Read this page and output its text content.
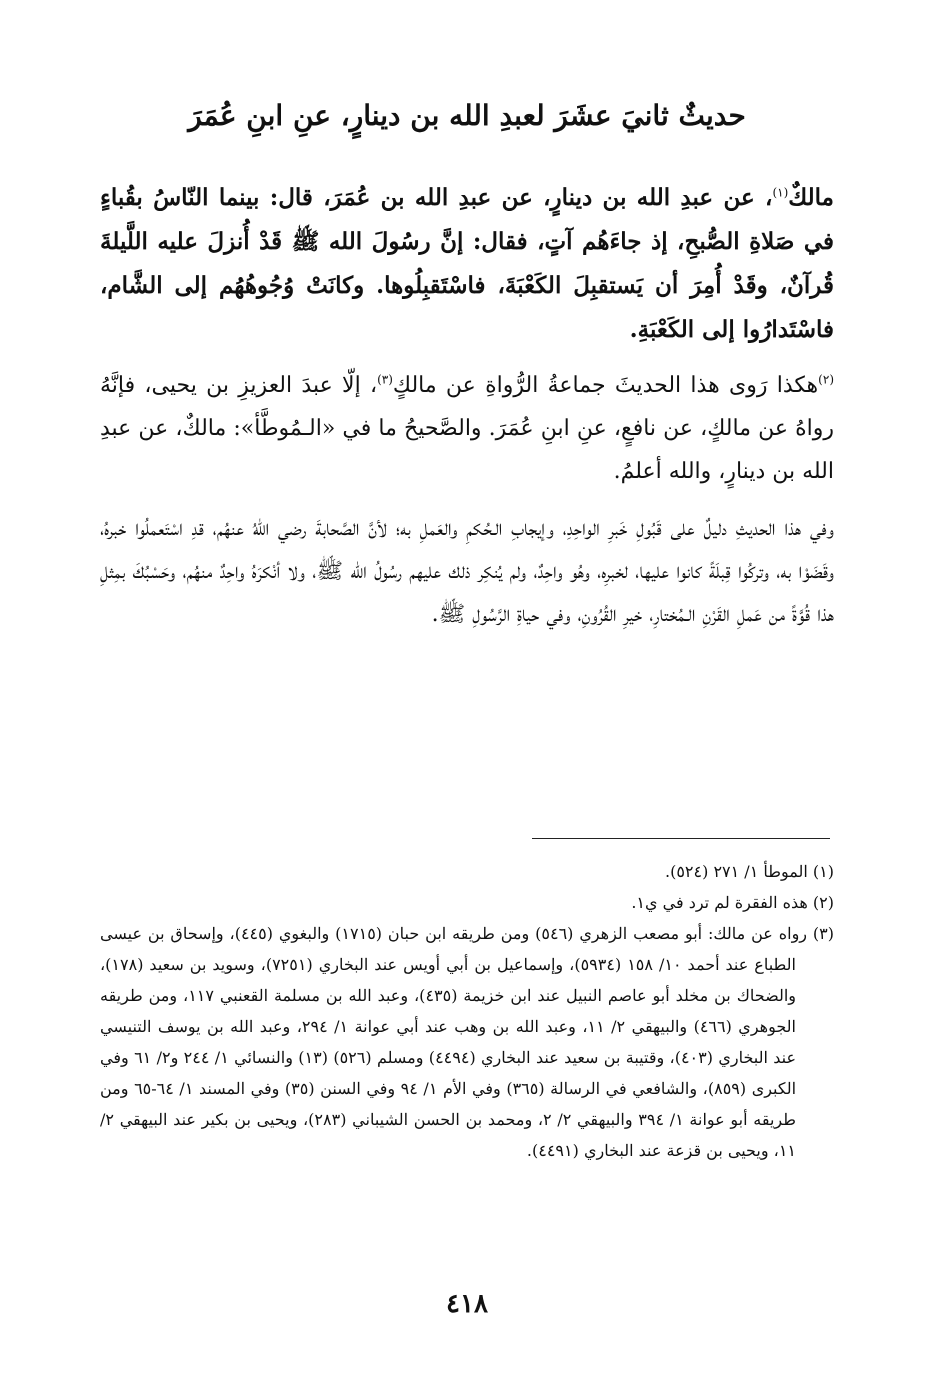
حديثٌ ثانيَ عشَرَ لعبدِ الله بن دينارٍ، عنِ ابنِ عُمَرَ

مالكٌ$^{(١)}$، عن عبدِ الله بن دينارٍ، عن عبدِ الله بن عُمَرَ، قال: بينما النّاسُ بقُباءٍ في صَلاةِ الصُّبحِ، إذ جاءَهُم آتٍ، فقال: إنَّ رسُولَ الله ﷺ قَدْ أُنزلَ عليه اللَّيلةَ قُرآنٌ، وقَدْ أُمِرَ أن يَستقبِلَ الكَعْبَةَ، فاسْتَقبِلُوها. وكانَتْ وُجُوهُهُم إلى الشَّام، فاسْتَدارُوا إلى الكَعْبَةِ.

$^{(٢)}$هكذا رَوى هذا الحديثَ جماعةُ الرُّواةِ عن مالكٍ$^{(٣)}$، إلّا عبدَ العزيزِ بن يحيى، فإنَّهُ رواهُ عن مالكٍ، عن نافعٍ، عنِ ابنِ عُمَرَ. والصَّحيحُ ما في «الـمُوطَّأ»: مالكٌ، عن عبدِ الله بن دينارٍ، والله أعلمُ.

وفي هذا الحديثِ دليلٌ على قَبُولِ خَبرِ الواحِدِ، وإيجابِ الـحُكمِ والعَملِ به؛ لأنَّ الصَّحابةَ رضي اللهُ عنهُم، قدِ اسْتَعملُوا خبرهُ، وقَضَوْا به، وتركُوا قِبلَةً كانوا عليها، لخبرِه، وهُو واحِدٌ، ولم يُنكِر ذلك عليهم رسُولُ الله ﷺ، ولا أنْكرَهُ واحِدٌ منهُم، وحَسْبُكَ بمِثلِ هذا قُوَّةً من عَملِ القَرْنِ الـمُختارِ، خيرِ القُرُونِ، وفي حياةِ الرَّسُولِ ﷺ.

(١) الموطأ ١/ ٢٧١ (٥٢٤).

(٢) هذه الفقرة لم ترد في ي١.

(٣) رواه عن مالك: أبو مصعب الزهري (٥٤٦) ومن طريقه ابن حبان (١٧١٥) والبغوي (٤٤٥)، وإسحاق بن عيسى الطباع عند أحمد ١٠/ ١٥٨ (٥٩٣٤)، وإسماعيل بن أبي أويس عند البخاري (٧٢٥١)، وسويد بن سعيد (١٧٨)، والضحاك بن مخلد أبو عاصم النبيل عند ابن خزيمة (٤٣٥)، وعبد الله بن مسلمة القعنبي ١١٧، ومن طريقه الجوهري (٤٦٦) والبيهقي ٢/ ١١، وعبد الله بن وهب عند أبي عوانة ١/ ٢٩٤، وعبد الله بن يوسف التنيسي عند البخاري (٤٠٣)، وقتيبة بن سعيد عند البخاري (٤٤٩٤) ومسلم (٥٢٦) (١٣) والنسائي ١/ ٢٤٤ و٢/ ٦١ وفي الكبرى (٨٥٩)، والشافعي في الرسالة (٣٦٥) وفي الأم ١/ ٩٤ وفي السنن (٣٥) وفي المسند ١/ ٦٤-٦٥ ومن طريقه أبو عوانة ١/ ٣٩٤ والبيهقي ٢/ ٢، ومحمد بن الحسن الشيباني (٢٨٣)، ويحيى بن بكير عند البيهقي ٢/ ١١، ويحيى بن قزعة عند البخاري (٤٤٩١).

٤١٨
